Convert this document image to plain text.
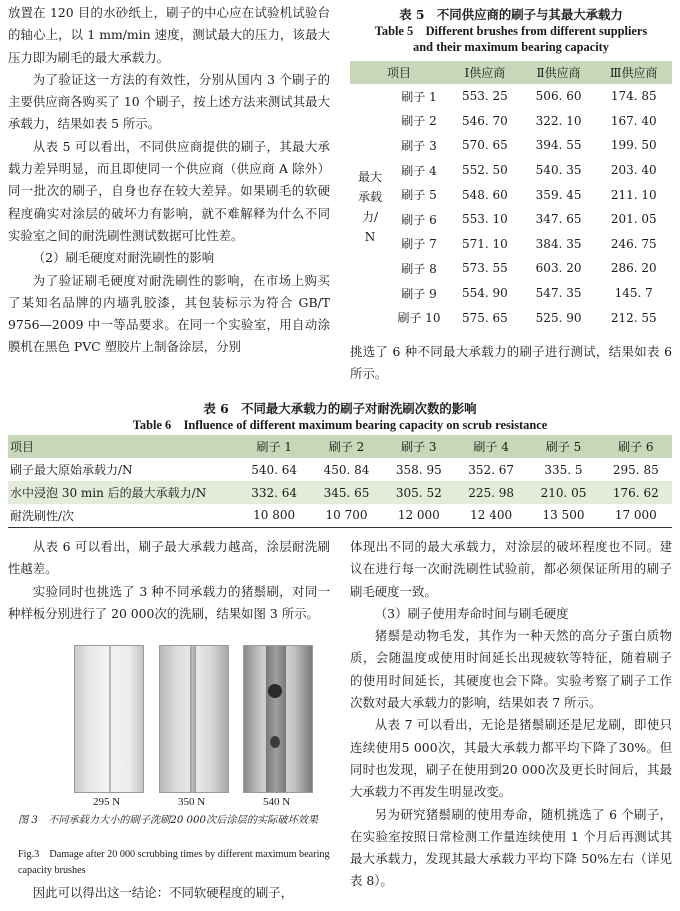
放置在 120 目的水砂纸上，刷子的中心应在试验机试验台的轴心上，以 1 mm/min 速度，测试最大的压力，该最大压力即为刷毛的最大承载力。

为了验证这一方法的有效性，分别从国内 3 个刷子的主要供应商各购买了 10 个刷子，按上述方法来测试其最大承载力，结果如表 5 所示。

从表 5 可以看出，不同供应商提供的刷子，其最大承载力差异明显，而且即使同一个供应商（供应商 A 除外）同一批次的刷子，自身也存在较大差异。如果刷毛的软硬程度确实对涂层的破坏力有影响，就不难解释为什么不同实验室之间的耐洗刷性测试数据可比性差。

（2）刷毛硬度对耐洗刷性的影响

为了验证刷毛硬度对耐洗刷性的影响，在市场上购买了某知名品牌的内墙乳胶漆，其包装标示为符合 GB/T 9756—2009 中一等品要求。在同一个实验室，用自动涂膜机在黑色 PVC 塑胶片上制备涂层，分别

表 5　不同供应商的刷子与其最大承载力
Table 5　Different brushes from different suppliers
and their maximum bearing capacity
项目		Ⅰ供应商	Ⅱ供应商	Ⅲ供应商

最大
承载
力/
N	刷子 1	553. 25	506. 60	174. 85
	刷子 2	546. 70	322. 10	167. 40
	刷子 3	570. 65	394. 55	199. 50
	刷子 4	552. 50	540. 35	203. 40
	刷子 5	548. 60	359. 45	211. 10
	刷子 6	553. 10	347. 65	201. 05
	刷子 7	571. 10	384. 35	246. 75
	刷子 8	573. 55	603. 20	286. 20
	刷子 9	554. 90	547. 35	145. 7
	刷子 10	575. 65	525. 90	212. 55

挑选了 6 种不同最大承载力的刷子进行测试，结果如表 6 所示。

表 6　不同最大承载力的刷子对耐洗刷次数的影响
Table 6　Influence of different maximum bearing capacity on scrub resistance
项目	刷子 1	刷子 2	刷子 3	刷子 4	刷子 5	刷子 6
刷子最大原始承载力/N	540. 64	450. 84	358. 95	352. 67	335. 5	295. 85
水中浸泡 30 min 后的最大承载力/N	332. 64	345. 65	305. 52	225. 98	210. 05	176. 62
耐洗刷性/次	10 800	10 700	12 000	12 400	13 500	17 000

从表 6 可以看出，刷子最大承载力越高，涂层耐洗刷性越差。

实验同时也挑选了 3 种不同承载力的猪鬃刷，对同一种样板分别进行了 20 000次的洗刷，结果如图 3 所示。

295 N	350 N	540 N
图 3　不同承载力大小的刷子洗刷20 000次后涂层的实际破坏效果
Fig.3　Damage after 20 000 scrubbing times by different maximum bearing capacity brushes

因此可以得出这一结论：不同软硬程度的刷子，

体现出不同的最大承载力，对涂层的破坏程度也不同。建议在进行每一次耐洗刷性试验前，都必须保证所用的刷子刷毛硬度一致。

（3）刷子使用寿命时间与刷毛硬度

猪鬃是动物毛发，其作为一种天然的高分子蛋白质物质，会随温度或使用时间延长出现疲软等特征，随着刷子的使用时间延长，其硬度也会下降。实验考察了刷子工作次数对最大承载力的影响，结果如表 7 所示。

从表 7 可以看出，无论是猪鬃刷还是尼龙刷，即使只连续使用5 000次，其最大承载力都平均下降了30%。但同时也发现，刷子在使用到20 000次及更长时间后，其最大承载力不再发生明显改变。

另为研究猪鬃刷的使用寿命，随机挑选了 6 个刷子，在实验室按照日常检测工作量连续使用 1 个月后再测试其最大承载力，发现其最大承载力平均下降 50%左右（详见表 8）。
